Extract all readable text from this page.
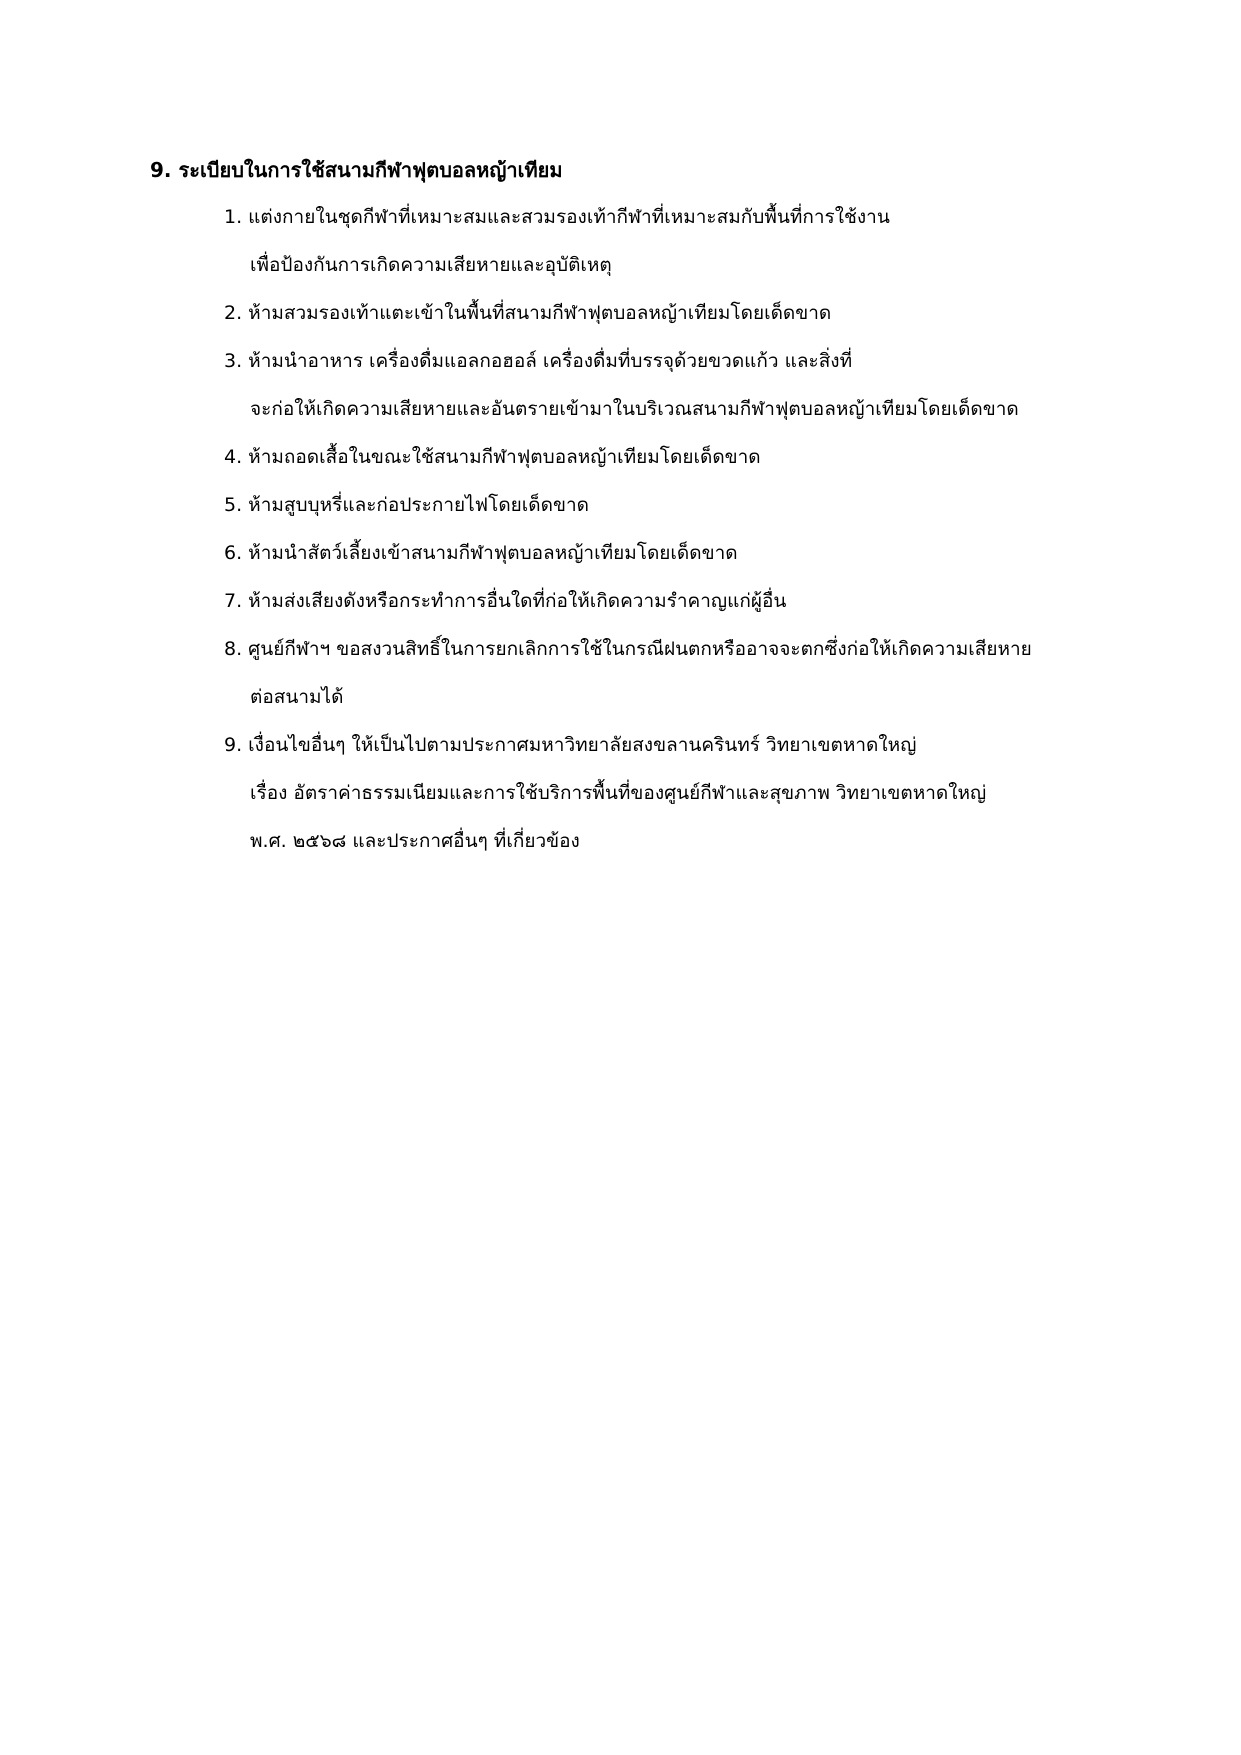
9. ระเบียบในการใช้สนามกีฬาฟุตบอลหญ้าเทียม
1. แต่งกายในชุดกีฬาที่เหมาะสมและสวมรองเท้ากีฬาที่เหมาะสมกับพื้นที่การใช้งาน
เพื่อป้องกันการเกิดความเสียหายและอุบัติเหตุ
2. ห้ามสวมรองเท้าแตะเข้าในพื้นที่สนามกีฬาฟุตบอลหญ้าเทียมโดยเด็ดขาด
3. ห้ามนำอาหาร เครื่องดื่มแอลกอฮอล์ เครื่องดื่มที่บรรจุด้วยขวดแก้ว และสิ่งที่
จะก่อให้เกิดความเสียหายและอันตรายเข้ามาในบริเวณสนามกีฬาฟุตบอลหญ้าเทียมโดยเด็ดขาด
4. ห้ามถอดเสื้อในขณะใช้สนามกีฬาฟุตบอลหญ้าเทียมโดยเด็ดขาด
5. ห้ามสูบบุหรี่และก่อประกายไฟโดยเด็ดขาด
6. ห้ามนำสัตว์เลี้ยงเข้าสนามกีฬาฟุตบอลหญ้าเทียมโดยเด็ดขาด
7. ห้ามส่งเสียงดังหรือกระทำการอื่นใดที่ก่อให้เกิดความรำคาญแก่ผู้อื่น
8. ศูนย์กีฬาฯ ขอสงวนสิทธิ์ในการยกเลิกการใช้ในกรณีฝนตกหรืออาจจะตกซึ่งก่อให้เกิดความเสียหาย
ต่อสนามได้
9. เงื่อนไขอื่นๆ ให้เป็นไปตามประกาศมหาวิทยาลัยสงขลานครินทร์ วิทยาเขตหาดใหญ่
เรื่อง อัตราค่าธรรมเนียมและการใช้บริการพื้นที่ของศูนย์กีฬาและสุขภาพ วิทยาเขตหาดใหญ่
พ.ศ. ๒๕๖๘ และประกาศอื่นๆ ที่เกี่ยวข้อง
